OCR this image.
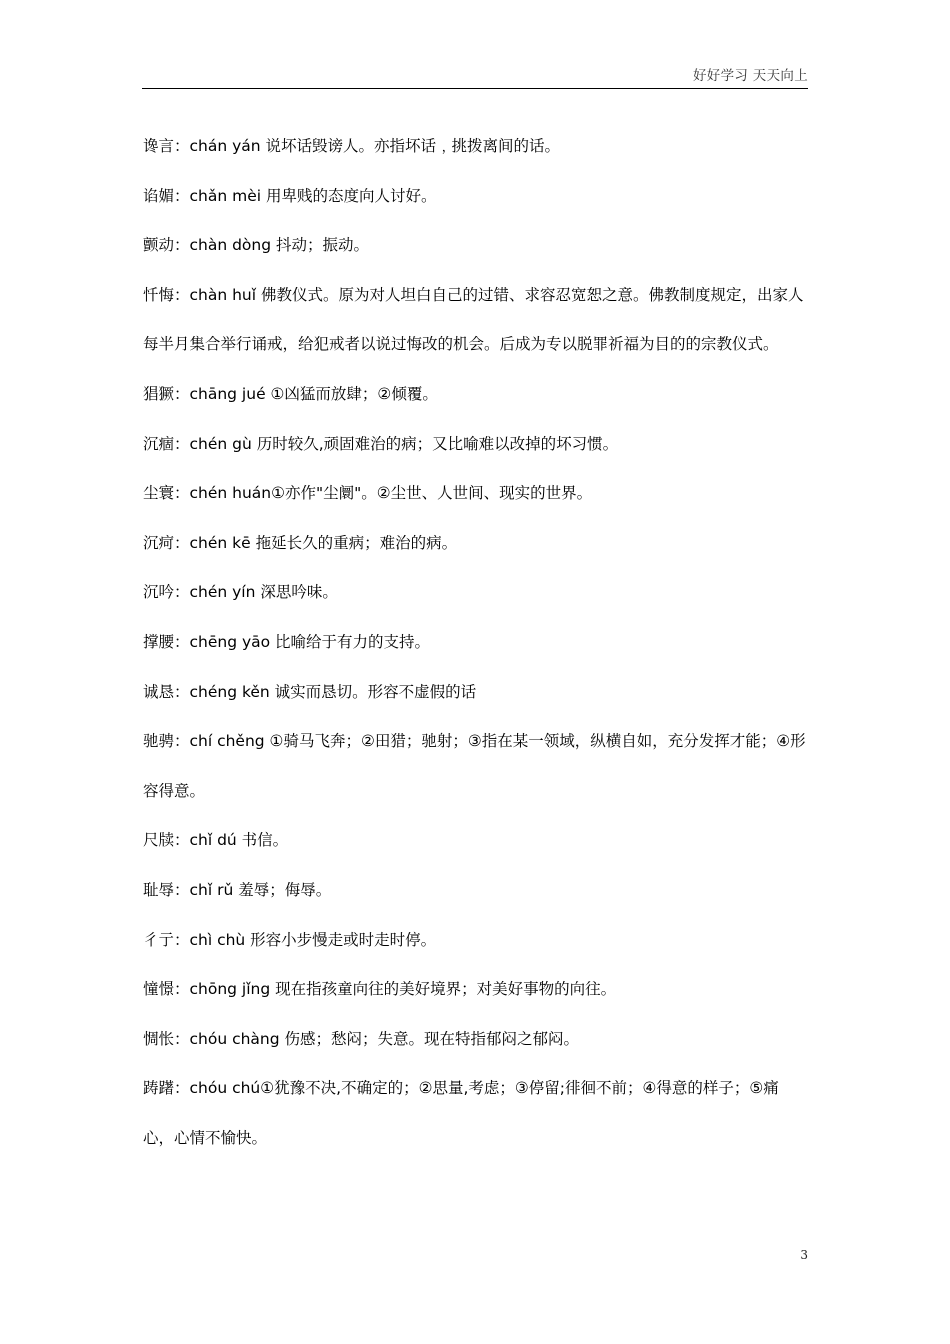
好好学习 天天向上
谗言：chán yán 说坏话毁谤人。亦指坏话﹐挑拨离间的话。
谄媚：chǎn mèi 用卑贱的态度向人讨好。
颤动：chàn dòng 抖动；振动。
忏悔：chàn huǐ 佛教仪式。原为对人坦白自己的过错、求容忍宽恕之意。佛教制度规定，出家人每半月集合举行诵戒，给犯戒者以说过悔改的机会。后成为专以脱罪祈福为目的的宗教仪式。
猖獗：chāng jué ①凶猛而放肆；②倾覆。
沉痼：chén gù 历时较久,顽固难治的病；又比喻难以改掉的坏习惯。
尘寰：chén huán①亦作"尘阛"。②尘世、人世间、现实的世界。
沉疴：chén kē 拖延长久的重病；难治的病。
沉吟：chén yín 深思吟味。
撑腰：chēng yāo 比喻给于有力的支持。
诚恳：chéng kěn 诚实而恳切。形容不虚假的话
驰骋：chí chěng ①骑马飞奔；②田猎；驰射；③指在某一领域，纵横自如，充分发挥才能；④形容得意。
尺牍：chǐ dú 书信。
耻辱：chǐ rǔ 羞辱；侮辱。
彳亍：chì chù 形容小步慢走或时走时停。
憧憬：chōng jǐng 现在指孩童向往的美好境界；对美好事物的向往。
惆怅：chóu chàng 伤感；愁闷；失意。现在特指郁闷之郁闷。
踌躇：chóu chú①犹豫不决,不确定的；②思量,考虑；③停留;徘徊不前；④得意的样子；⑤痛心，心情不愉快。
3
